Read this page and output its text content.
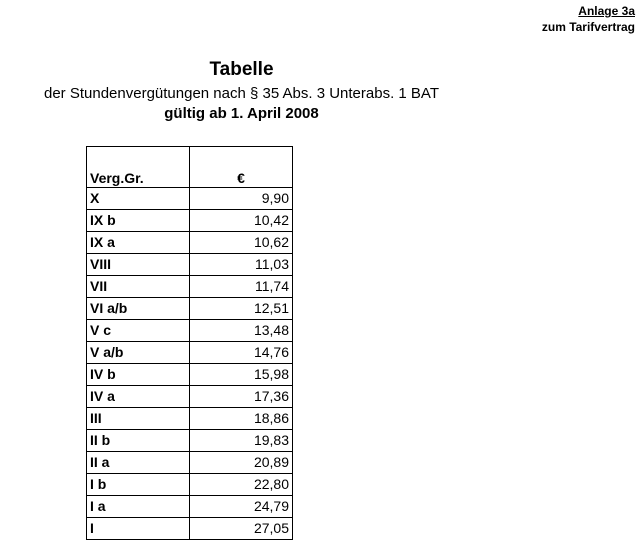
Anlage 3a
zum Tarifvertrag
Tabelle
der Stundenvergütungen nach § 35 Abs. 3 Unterabs. 1 BAT
gültig ab 1. April 2008
Verg.Gr.	€
X	9,90
IX b	10,42
IX a	10,62
VIII	11,03
VII	11,74
VI a/b	12,51
V c	13,48
V a/b	14,76
IV b	15,98
IV a	17,36
III	18,86
II b	19,83
II a	20,89
I b	22,80
I a	24,79
I	27,05
